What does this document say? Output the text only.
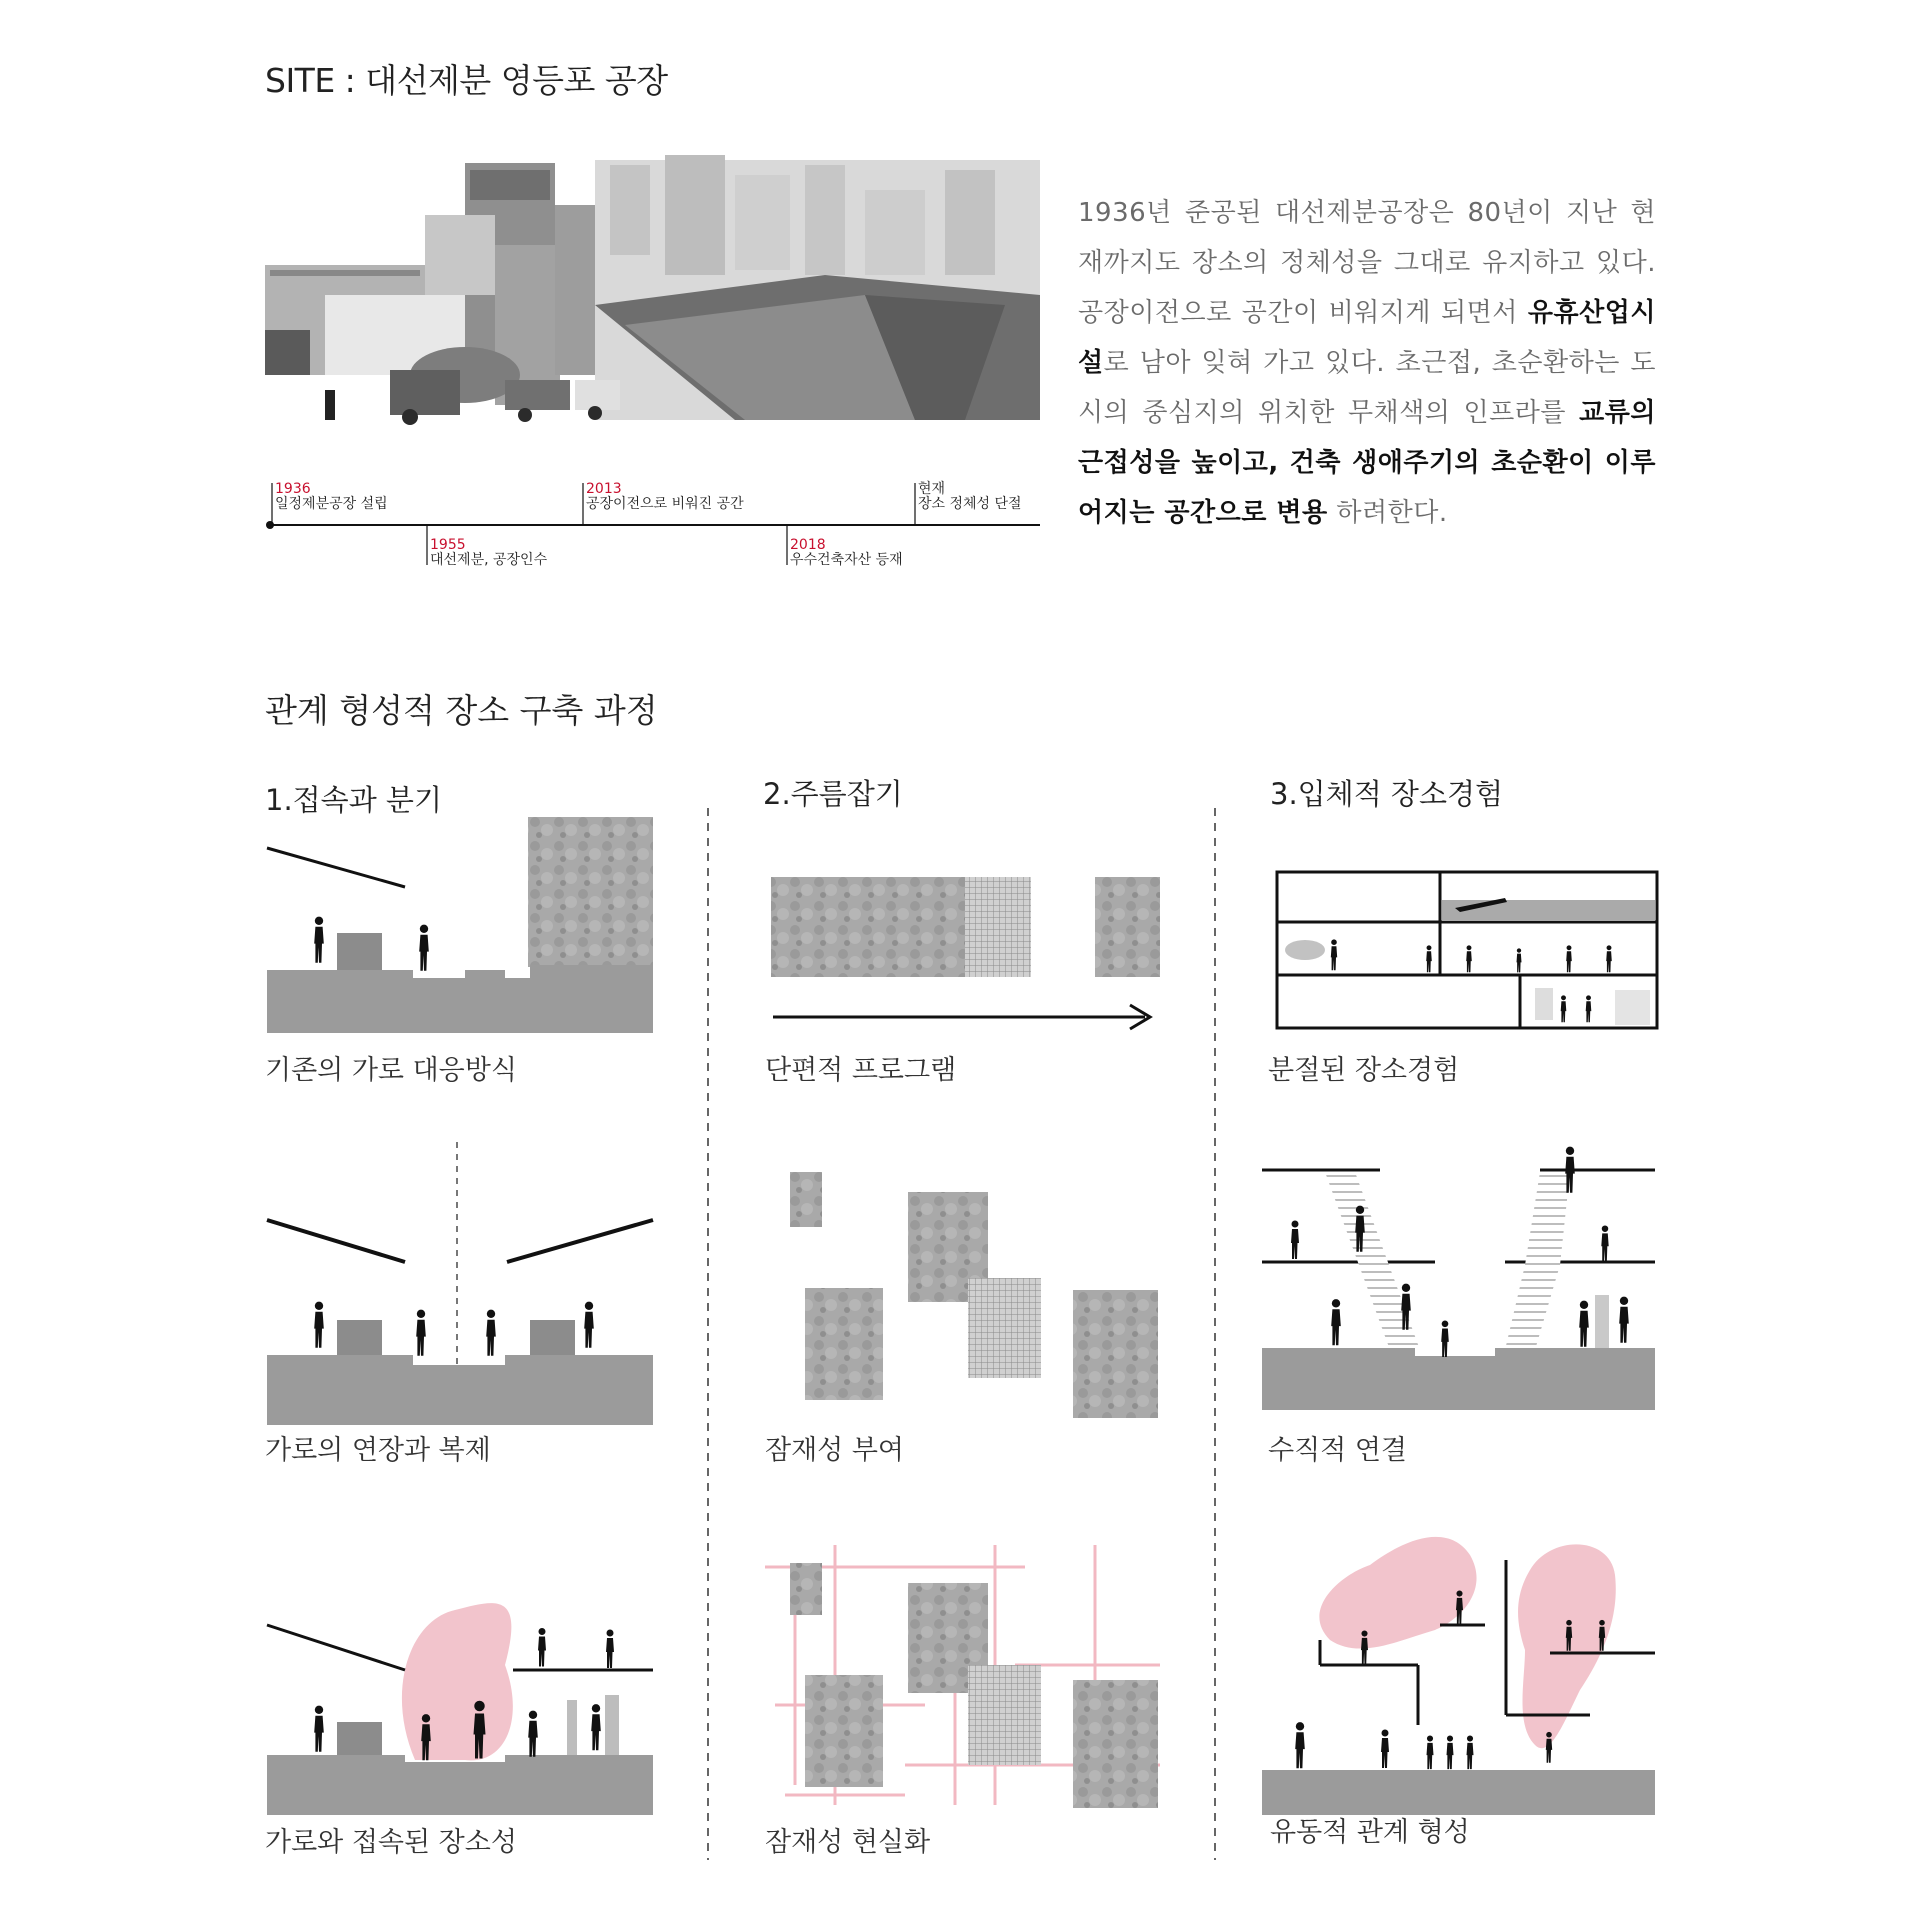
SITE : 대선제분 영등포 공장
1936
일정제분공장 설립
1955
대선제분, 공장인수
2013
공장이전으로 비워진 공간
2018
우수건축자산 등재
현재
장소 정체성 단절
1936년 준공된 대선제분공장은 80년이 지난 현재까지도 장소의 정체성을 그대로 유지하고 있다. 공장이전으로 공간이 비워지게 되면서 유휴산업시설로 남아 잊혀 가고 있다. 초근접, 초순환하는 도시의 중심지의 위치한 무채색의 인프라를 교류의 근접성을 높이고, 건축 생애주기의 초순환이 이루어지는 공간으로 변용 하려한다.
관계 형성적 장소 구축 과정
1.접속과 분기	2.주름잡기	3.입체적 장소경험
기존의 가로 대응방식
가로의 연장과 복제
가로와 접속된 장소성
단편적 프로그램
잠재성 부여
잠재성 현실화
분절된 장소경험
수직적 연결
유동적 관계 형성
